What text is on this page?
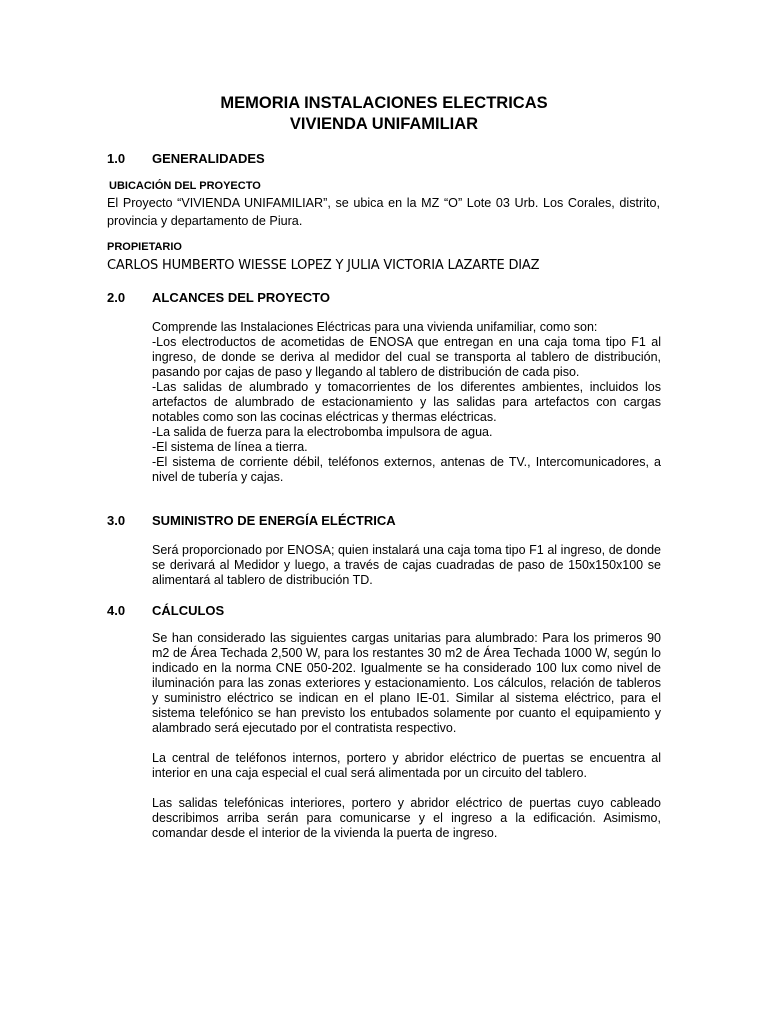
MEMORIA INSTALACIONES ELECTRICAS
VIVIENDA UNIFAMILIAR
1.0 GENERALIDADES
UBICACIÓN DEL PROYECTO

El Proyecto “VIVIENDA UNIFAMILIAR”, se ubica en la MZ “O” Lote 03 Urb. Los Corales, distrito, provincia y departamento de Piura.

PROPIETARIO
CARLOS HUMBERTO WIESSE LOPEZ Y JULIA VICTORIA LAZARTE DIAZ
2.0 ALCANCES DEL PROYECTO
Comprende las Instalaciones Eléctricas para una vivienda unifamiliar, como son:
-Los electroductos de acometidas de ENOSA que entregan en una caja toma tipo F1 al ingreso, de donde se deriva al medidor del cual se transporta al tablero de distribución, pasando por cajas de paso y llegando al tablero de distribución de cada piso.
-Las salidas de alumbrado y tomacorrientes de los diferentes ambientes, incluidos los artefactos de alumbrado de estacionamiento y las salidas para artefactos con cargas notables como son las cocinas eléctricas y thermas eléctricas.
-La salida de fuerza para la electrobomba impulsora de agua.
-El sistema de línea a tierra.
-El sistema de corriente débil, teléfonos externos, antenas de TV., Intercomunicadores, a nivel de tubería y cajas.
3.0 SUMINISTRO DE ENERGÍA ELÉCTRICA

Será proporcionado por ENOSA; quien instalará una caja toma tipo F1 al ingreso, de donde se derivará al Medidor y luego, a través de cajas cuadradas de paso de 150x150x100 se alimentará al tablero de distribución TD.

4.0 CÁLCULOS

Se han considerado las siguientes cargas unitarias para alumbrado: Para los primeros 90 m2 de Área Techada 2,500 W, para los restantes 30 m2 de Área Techada 1000 W, según lo indicado en la norma CNE 050-202. Igualmente se ha considerado 100 lux como nivel de iluminación para las zonas exteriores y estacionamiento. Los cálculos, relación de tableros y suministro eléctrico se indican en el plano IE-01. Similar al sistema eléctrico, para el sistema telefónico se han previsto los entubados solamente por cuanto el equipamiento y alambrado será ejecutado por el contratista respectivo.

La central de teléfonos internos, portero y abridor eléctrico de puertas se encuentra al interior en una caja especial el cual será alimentada por un circuito del tablero.

Las salidas telefónicas interiores, portero y abridor eléctrico de puertas cuyo cableado describimos arriba serán para comunicarse y el ingreso a la edificación. Asimismo, comandar desde el interior de la vivienda la puerta de ingreso.
